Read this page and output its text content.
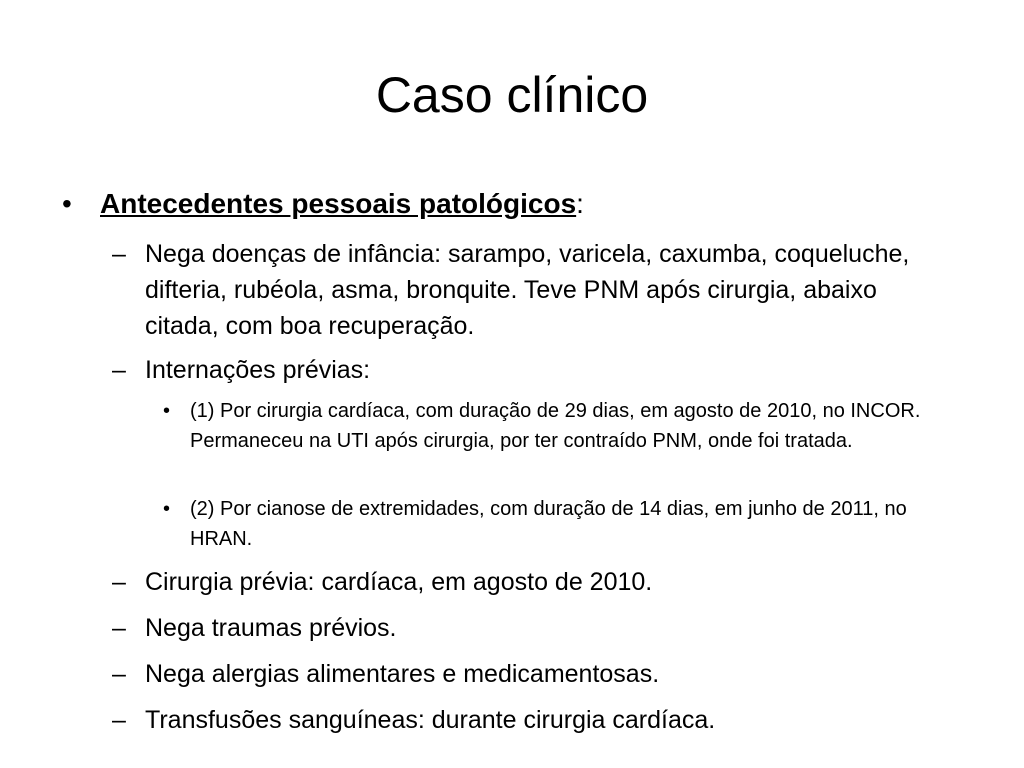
Caso clínico
•	Antecedentes pessoais patológicos:
– Nega doenças de infância: sarampo, varicela, caxumba, coqueluche, difteria, rubéola, asma, bronquite. Teve PNM após cirurgia, abaixo citada, com boa recuperação.
– Internações prévias:
• (1) Por cirurgia cardíaca, com duração de 29 dias, em agosto de 2010, no INCOR. Permaneceu na UTI após cirurgia, por ter contraído PNM, onde foi tratada.
• (2) Por cianose de extremidades, com duração de 14 dias, em junho de 2011, no HRAN.
– Cirurgia prévia: cardíaca, em agosto de 2010.
– Nega traumas prévios.
– Nega alergias alimentares e medicamentosas.
– Transfusões sanguíneas: durante cirurgia cardíaca.
